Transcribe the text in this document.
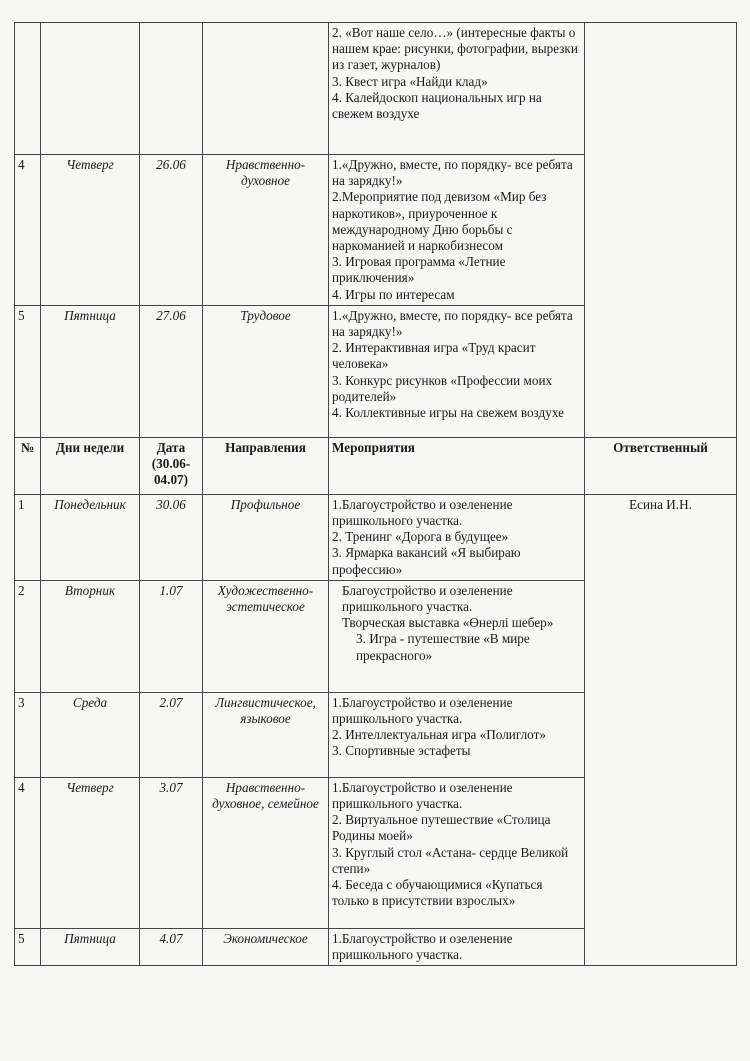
				2. «Вот наше село…» (интересные факты о нашем крае: рисунки, фотографии, вырезки из газет, журналов)
3. Квест игра «Найди клад»
4. Калейдоскоп национальных игр на свежем воздухе	

4	Четверг	26.06	Нравственно-духовное	1.«Дружно, вместе, по порядку- все ребята на зарядку!»
2.Мероприятие под девизом «Мир без наркотиков», приуроченное к международному Дню борьбы с наркоманией и наркобизнесом
3. Игровая программа «Летние приключения»
4. Игры по интересам	

5	Пятница	27.06	Трудовое	1.«Дружно, вместе, по порядку- все ребята на зарядку!»
2. Интерактивная игра «Труд красит человека»
3. Конкурс рисунков «Профессии моих родителей»
4. Коллективные игры на свежем воздухе	

№	Дни недели	Дата (30.06-04.07)	Направления	Мероприятия	Ответственный
1	Понедельник	30.06	Профильное	1.Благоустройство и озеленение пришкольного участка.
2. Тренинг «Дорога в будущее»
3. Ярмарка вакансий «Я выбираю профессию»	Есина И.Н.
2	Вторник	1.07	Художественно-эстетическое	Благоустройство и озеленение пришкольного участка.
Творческая выставка «Өнерлі шебер»
3. Игра - путешествие «В мире прекрасного»	

3	Среда	2.07	Лингвистическое, языковое	1.Благоустройство и озеленение пришкольного участка.
2. Интеллектуальная игра «Полиглот»
3. Спортивные эстафеты	

4	Четверг	3.07	Нравственно-духовное, семейное	1.Благоустройство и озеленение пришкольного участка.
2. Виртуальное путешествие «Столица Родины моей»
3. Круглый стол «Астана- сердце Великой степи»
4. Беседа с обучающимися «Купаться только в присутствии взрослых»	

5	Пятница	4.07	Экономическое	1.Благоустройство и озеленение пришкольного участка.	
